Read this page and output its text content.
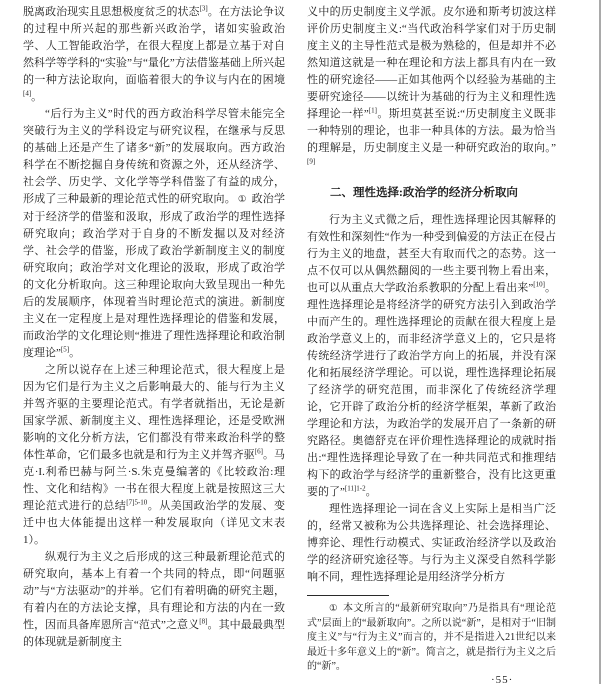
脱离政治现实且思想极度贫乏的状态[3]。在方法论争议的过程中所兴起的那些新兴政治学，诸如实验政治学、人工智能政治学，在很大程度上都是立基于对自然科学等学科的“实验”与“量化”方法借鉴基础上所兴起的一种方法论取向，面临着很大的争议与内在的困境[4]。

“后行为主义”时代的西方政治科学尽管未能完全突破行为主义的学科设定与研究议程，在继承与反思的基础上还是产生了诸多“新”的发展取向。西方政治科学在不断挖掘自身传统和资源之外，还从经济学、社会学、历史学、文化学等学科借鉴了有益的成分，形成了三种最新的理论范式性的研究取向。 ① 政治学对于经济学的借鉴和汲取，形成了政治学的理性选择研究取向；政治学对于自身的不断发掘以及对经济学、社会学的借鉴，形成了政治学新制度主义的制度研究取向；政治学对文化理论的汲取，形成了政治学的文化分析取向。这三种理论取向大致呈现出一种先后的发展顺序，体现着当时理论范式的演进。新制度主义在一定程度上是对理性选择理论的借鉴和发展，而政治学的文化理论则“推进了理性选择理论和政治制度理论”[5]。

之所以说存在上述三种理论范式，很大程度上是因为它们是行为主义之后影响最大的、能与行为主义并驾齐驱的主要理论范式。有学者就指出，无论是新国家学派、新制度主义、理性选择理论，还是受欧洲影响的文化分析方法，它们都没有带来政治科学的整体性革命，它们最多也就是和行为主义并驾齐驱[6]。马克·I.利希巴赫与阿兰·S.朱克曼编著的《比较政治:理性、文化和结构》一书在很大程度上就是按照这三大理论范式进行的总结$^{[7]5-10}$。从美国政治学的发展、变迁中也大体能提出这样一种发展取向（详见文末表1）。

纵观行为主义之后形成的这三种最新理论范式的研究取向，基本上有着一个共同的特点，即“问题驱动”与“方法驱动”的并举。它们有着明确的研究主题，有着内在的方法论支撑，具有理论和方法的内在一致性，因而具备库恩所言“范式”之意义[8]。其中最最典型的体现就是新制度主

义中的历史制度主义学派。皮尔逊和斯考切波这样评价历史制度主义:“当代政治科学家们对于历史制度主义的主导性范式是极为熟稔的，但是却并不必然知道这就是一种在理论和方法上都具有内在一致性的研究途径——正如其他两个以经验为基础的主要研究途径——以统计为基础的行为主义和理性选择理论一样”[1]。斯坦莫甚至说:“历史制度主义既非一种特别的理论，也非一种具体的方法。最为恰当的理解是，历史制度主义是一种研究政治的取向。”[9]

二、理性选择:政治学的经济分析取向

行为主义式微之后，理性选择理论因其解释的有效性和深刻性“作为一种受到偏爱的方法正在侵占行为主义的地盘，甚至大有取而代之的态势。这一点不仅可以从偶然翻阅的一些主要刊物上看出来，也可以从重点大学政治系教职的分配上看出来”[10]。理性选择理论是将经济学的研究方法引入到政治学中而产生的。理性选择理论的贡献在很大程度上是政治学意义上的，而非经济学意义上的，它只是将传统经济学进行了政治学方向上的拓展，并没有深化和拓展经济学理论。可以说，理性选择理论拓展了经济学的研究范围，而非深化了传统经济学理论，它开辟了政治分析的经济学框架，革新了政治学理论和方法，为政治学的发展开启了一条新的研究路径。奥德舒克在评价理性选择理论的成就时指出:“理性选择理论导致了在一种共同范式和推理结构下的政治学与经济学的重新整合，没有比这更重要的了”$^{[11]1-2}$。

理性选择理论一词在含义上实际上是相当广泛的，经常又被称为公共选择理论、社会选择理论、博弈论、理性行动模式、实证政治经济学以及政治学的经济研究途径等。与行为主义深受自然科学影响不同，理性选择理论是用经济学分析方

① 本文所言的“最新研究取向”乃是指具有“理论范式”层面上的“最新取向”。之所以说“新”，是相对于“旧制度主义”与“行为主义”而言的，并不是指进入21世纪以来最近十多年意义上的“新”。简言之，就是指行为主义之后的“新”。

·55·
